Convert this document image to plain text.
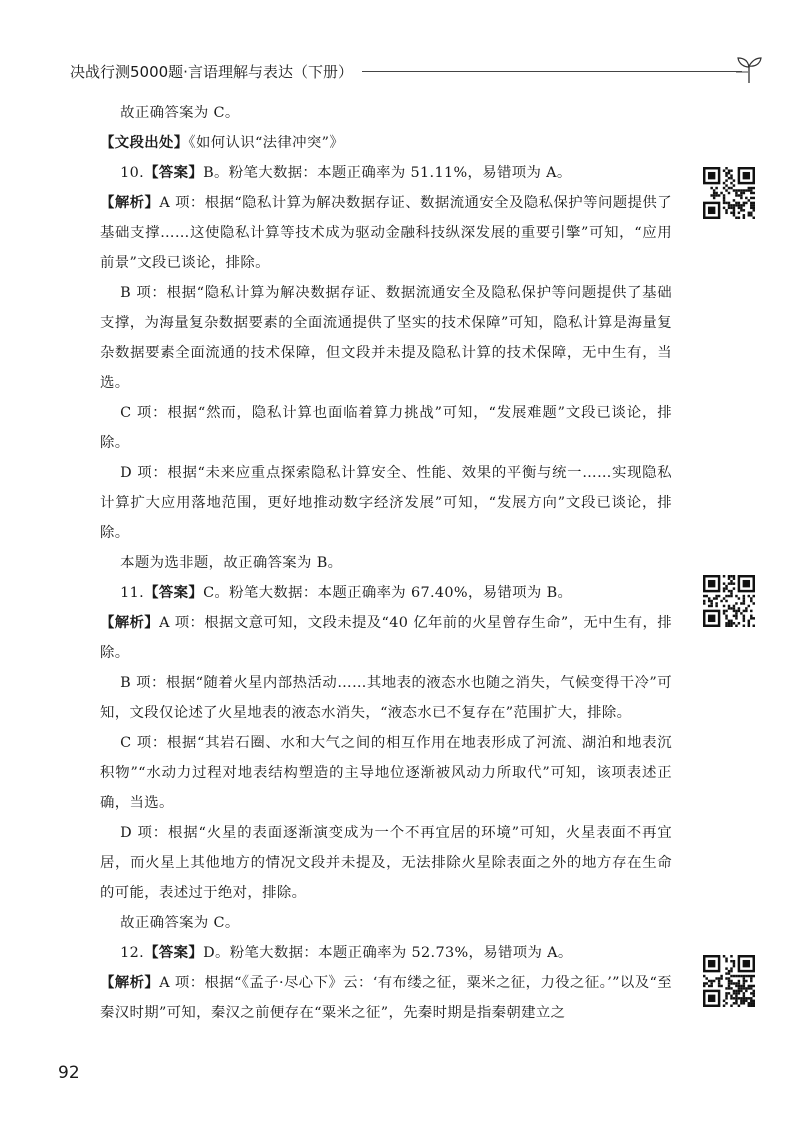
决战行测5000题·言语理解与表达（下册）

故正确答案为 C。

【文段出处】《如何认识“法律冲突”》

10.【答案】B。粉笔大数据：本题正确率为 51.11%，易错项为 A。

【解析】A 项：根据“隐私计算为解决数据存证、数据流通安全及隐私保护等问题提供了基础支撑……这使隐私计算等技术成为驱动金融科技纵深发展的重要引擎”可知，“应用前景”文段已谈论，排除。

B 项：根据“隐私计算为解决数据存证、数据流通安全及隐私保护等问题提供了基础支撑，为海量复杂数据要素的全面流通提供了坚实的技术保障”可知，隐私计算是海量复杂数据要素全面流通的技术保障，但文段并未提及隐私计算的技术保障，无中生有，当选。

C 项：根据“然而，隐私计算也面临着算力挑战”可知，“发展难题”文段已谈论，排除。

D 项：根据“未来应重点探索隐私计算安全、性能、效果的平衡与统一……实现隐私计算扩大应用落地范围，更好地推动数字经济发展”可知，“发展方向”文段已谈论，排除。

本题为选非题，故正确答案为 B。

11.【答案】C。粉笔大数据：本题正确率为 67.40%，易错项为 B。

【解析】A 项：根据文意可知，文段未提及“40 亿年前的火星曾存生命”，无中生有，排除。

B 项：根据“随着火星内部热活动……其地表的液态水也随之消失，气候变得干冷”可知，文段仅论述了火星地表的液态水消失，“液态水已不复存在”范围扩大，排除。

C 项：根据“其岩石圈、水和大气之间的相互作用在地表形成了河流、湖泊和地表沉积物”“水动力过程对地表结构塑造的主导地位逐渐被风动力所取代”可知，该项表述正确，当选。

D 项：根据“火星的表面逐渐演变成为一个不再宜居的环境”可知，火星表面不再宜居，而火星上其他地方的情况文段并未提及，无法排除火星除表面之外的地方存在生命的可能，表述过于绝对，排除。

故正确答案为 C。

12.【答案】D。粉笔大数据：本题正确率为 52.73%，易错项为 A。

【解析】A 项：根据“《孟子·尽心下》云：‘有布缕之征，粟米之征，力役之征。’”以及“至秦汉时期”可知，秦汉之前便存在“粟米之征”，先秦时期是指秦朝建立之

92
